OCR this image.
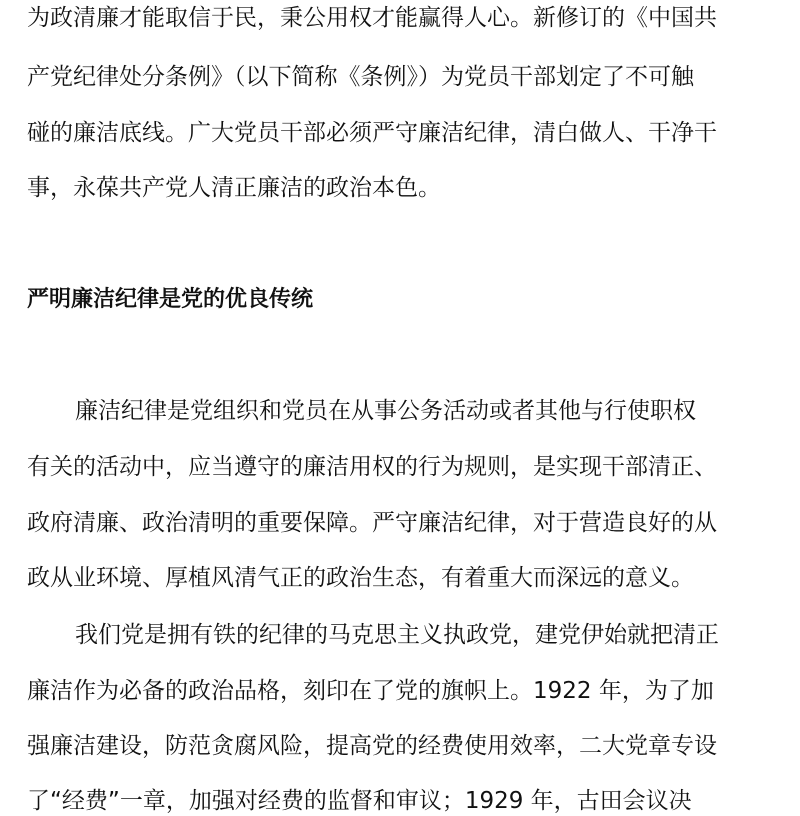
为政清廉才能取信于民，秉公用权才能赢得人心。新修订的《中国共
产党纪律处分条例》（以下简称《条例》）为党员干部划定了不可触
碰的廉洁底线。广大党员干部必须严守廉洁纪律，清白做人、干净干
事，永葆共产党人清正廉洁的政治本色。
严明廉洁纪律是党的优良传统
廉洁纪律是党组织和党员在从事公务活动或者其他与行使职权
有关的活动中，应当遵守的廉洁用权的行为规则，是实现干部清正、
政府清廉、政治清明的重要保障。严守廉洁纪律，对于营造良好的从
政从业环境、厚植风清气正的政治生态，有着重大而深远的意义。
我们党是拥有铁的纪律的马克思主义执政党，建党伊始就把清正
廉洁作为必备的政治品格，刻印在了党的旗帜上。1922 年，为了加
强廉洁建设，防范贪腐风险，提高党的经费使用效率，二大党章专设
了“经费”一章，加强对经费的监督和审议；1929 年，古田会议决
